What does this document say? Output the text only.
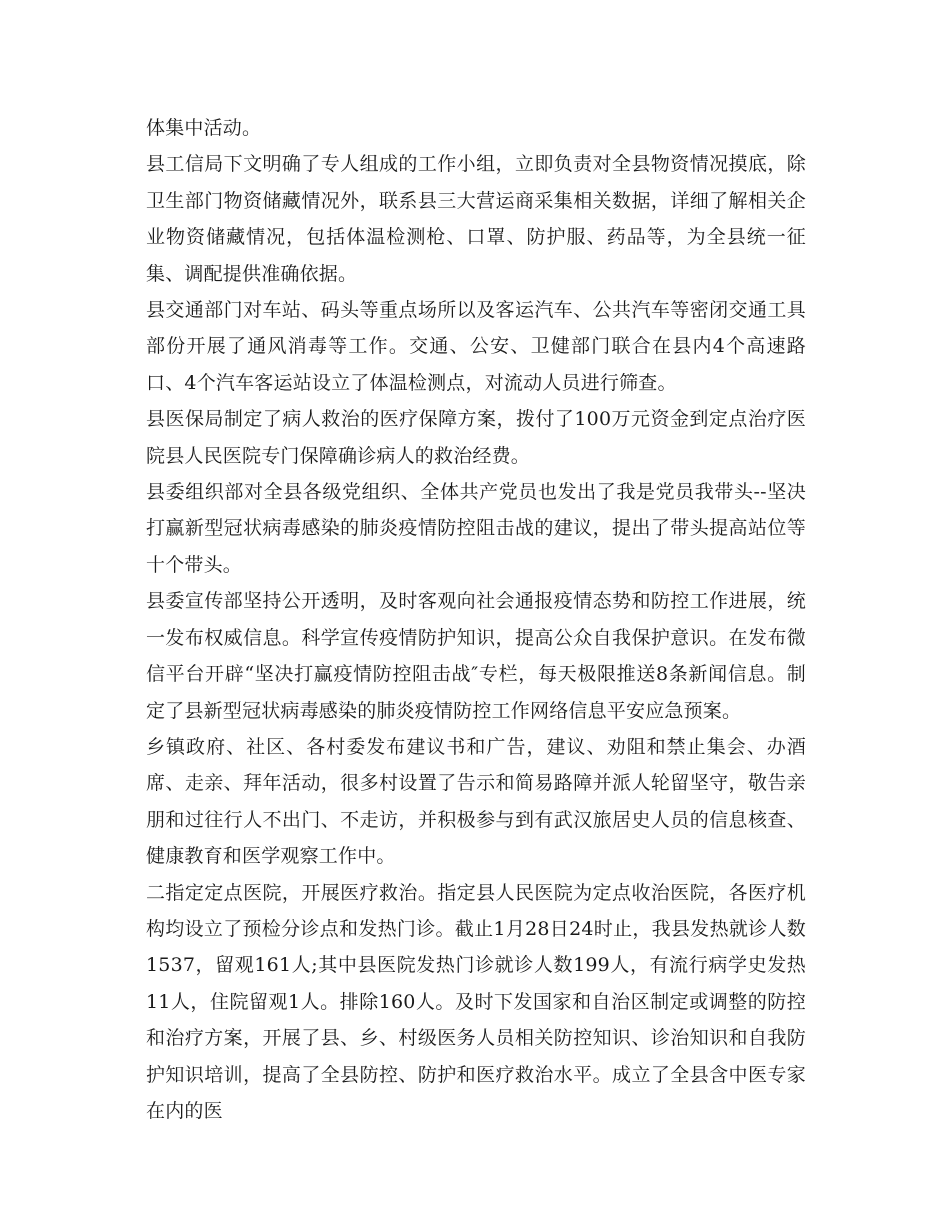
体集中活动。

县工信局下文明确了专人组成的工作小组，立即负责对全县物资情况摸底，除卫生部门物资储藏情况外，联系县三大营运商采集相关数据，详细了解相关企业物资储藏情况，包括体温检测枪、口罩、防护服、药品等，为全县统一征集、调配提供准确依据。

县交通部门对车站、码头等重点场所以及客运汽车、公共汽车等密闭交通工具部份开展了通风消毒等工作。交通、公安、卫健部门联合在县内4个高速路口、4个汽车客运站设立了体温检测点，对流动人员进行筛查。

县医保局制定了病人救治的医疗保障方案，拨付了100万元资金到定点治疗医院县人民医院专门保障确诊病人的救治经费。

县委组织部对全县各级党组织、全体共产党员也发出了我是党员我带头--坚决打赢新型冠状病毒感染的肺炎疫情防控阻击战的建议，提出了带头提高站位等十个带头。

县委宣传部坚持公开透明，及时客观向社会通报疫情态势和防控工作进展，统一发布权威信息。科学宣传疫情防护知识，提高公众自我保护意识。在发布微信平台开辟“坚决打赢疫情防控阻击战″专栏，每天极限推送8条新闻信息。制定了县新型冠状病毒感染的肺炎疫情防控工作网络信息平安应急预案。

乡镇政府、社区、各村委发布建议书和广告，建议、劝阻和禁止集会、办酒席、走亲、拜年活动，很多村设置了告示和简易路障并派人轮留坚守，敬告亲朋和过往行人不出门、不走访，并积极参与到有武汉旅居史人员的信息核查、健康教育和医学观察工作中。

二指定定点医院，开展医疗救治。指定县人民医院为定点收治医院，各医疗机构均设立了预检分诊点和发热门诊。截止1月28日24时止，我县发热就诊人数1537，留观161人;其中县医院发热门诊就诊人数199人，有流行病学史发热11人，住院留观1人。排除160人。及时下发国家和自治区制定或调整的防控和治疗方案，开展了县、乡、村级医务人员相关防控知识、诊治知识和自我防护知识培训，提高了全县防控、防护和医疗救治水平。成立了全县含中医专家在内的医
